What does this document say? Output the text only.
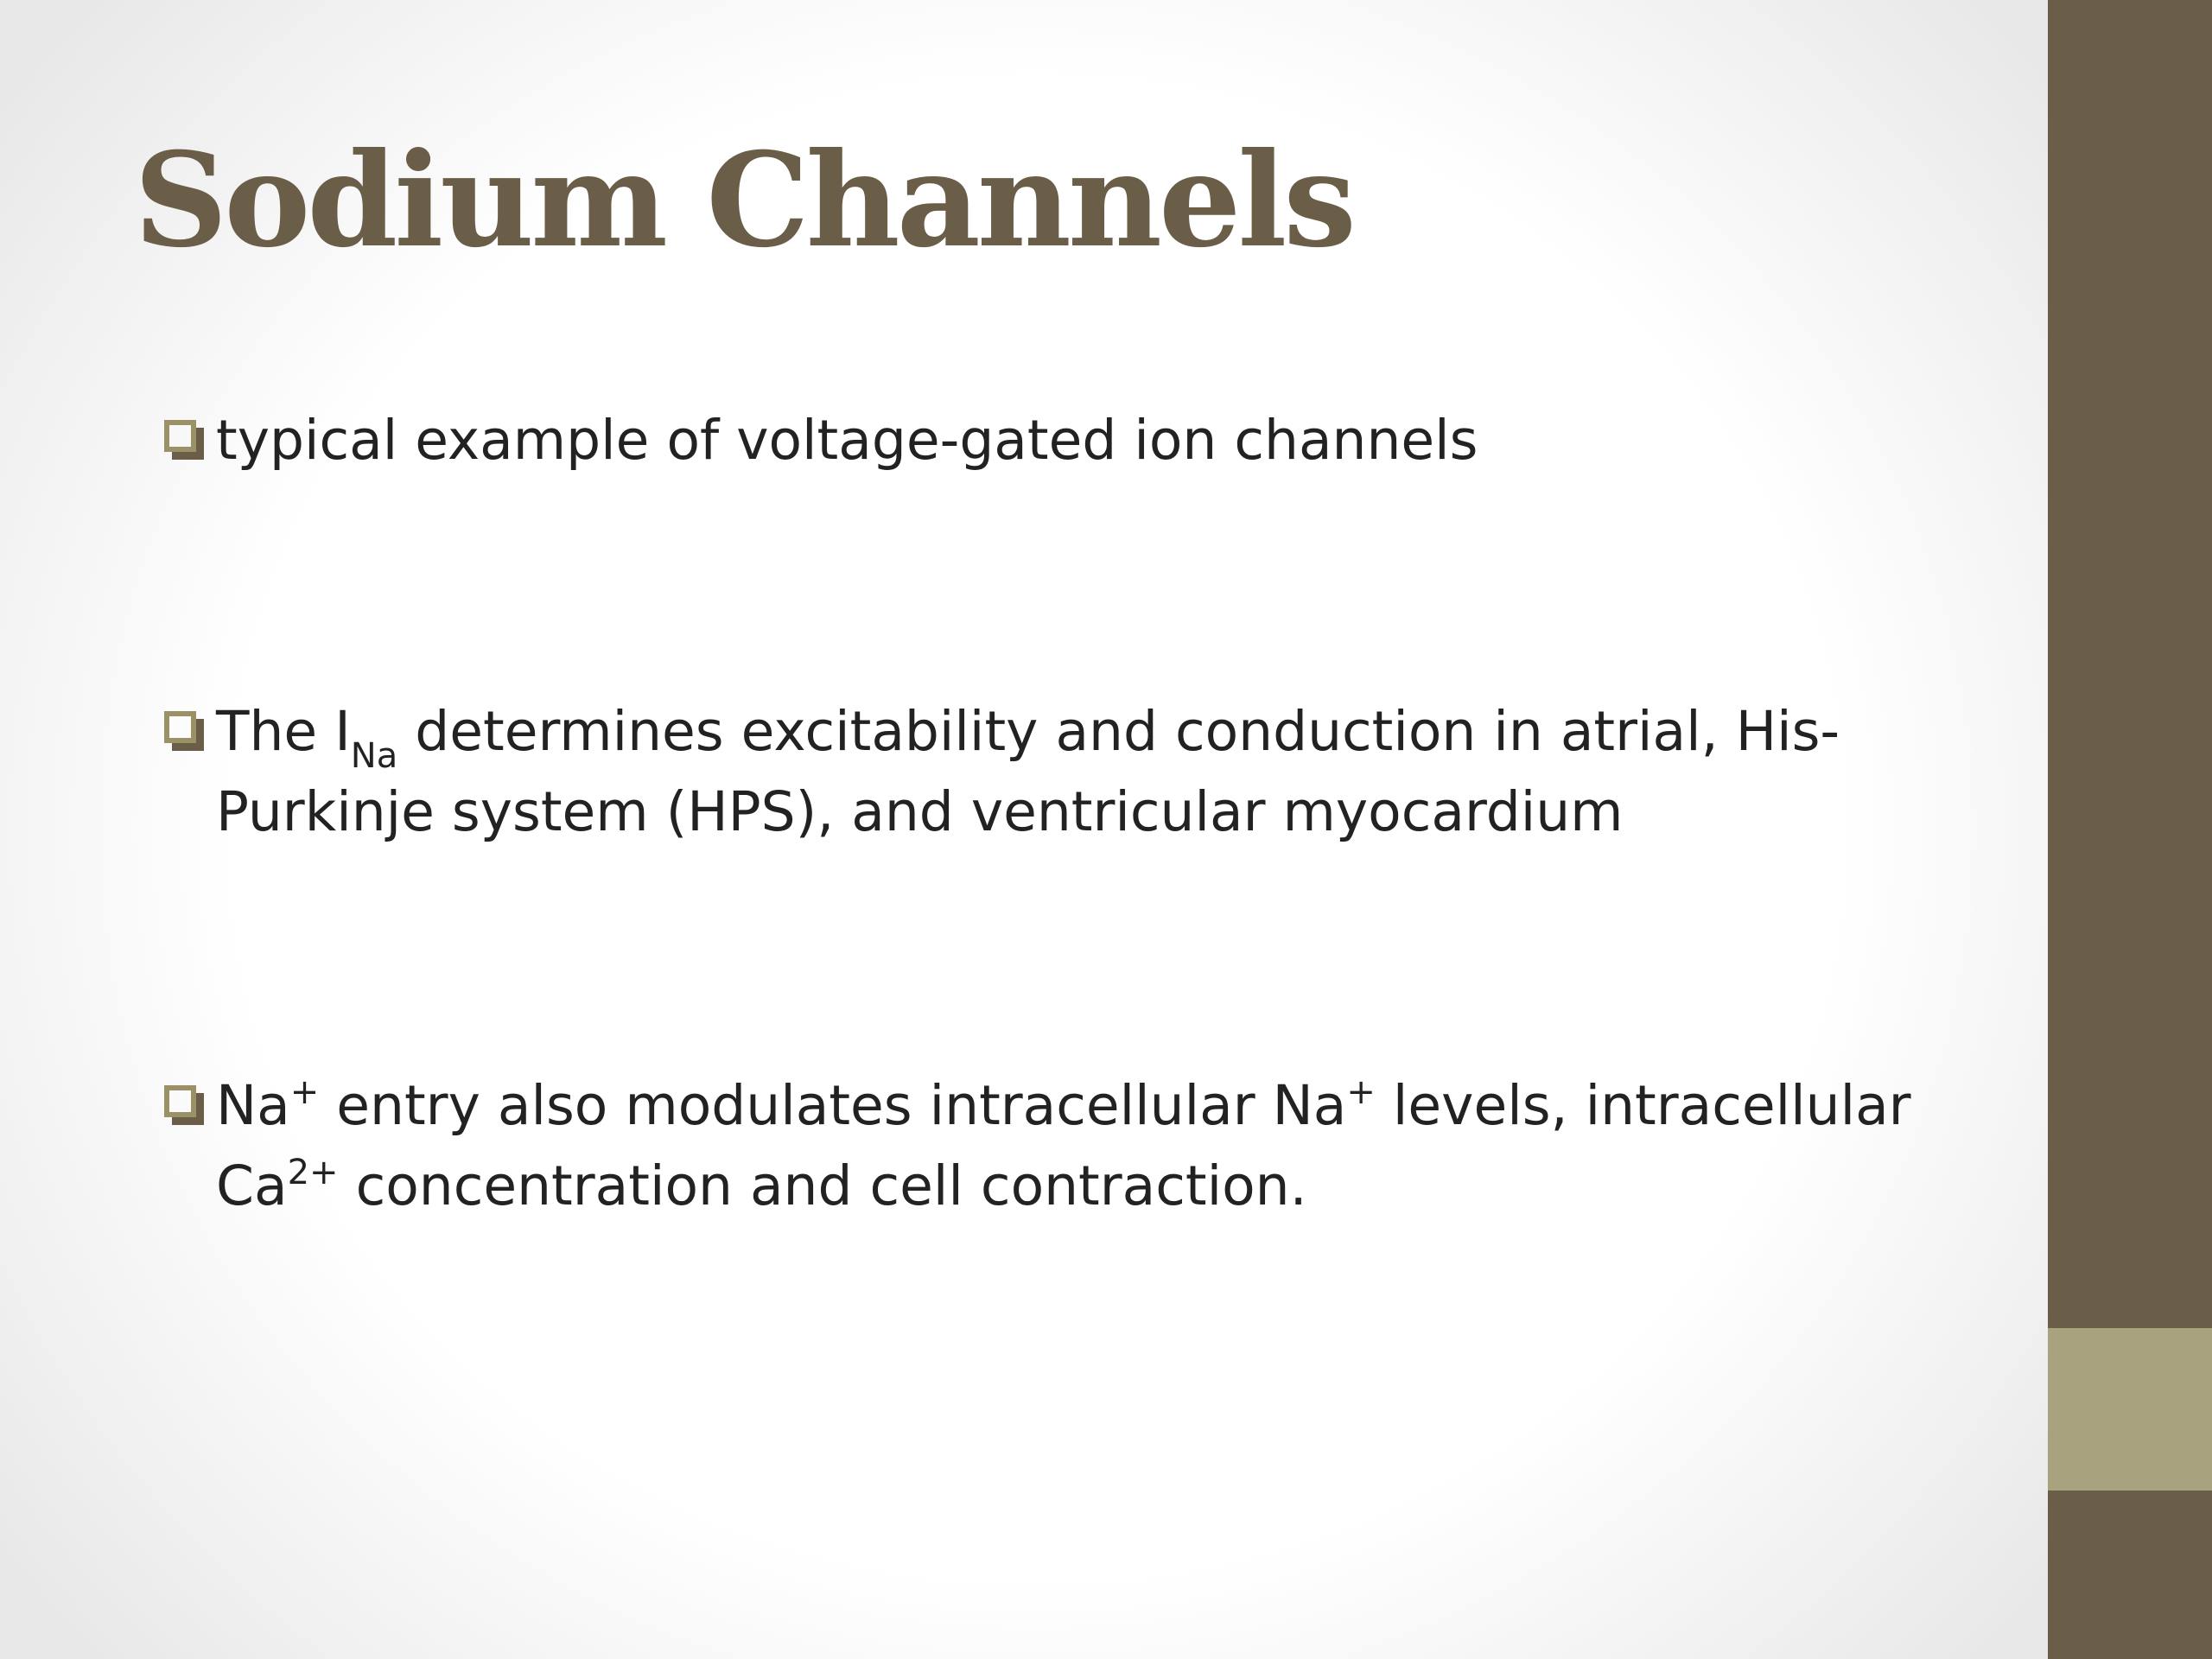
Sodium Channels
typical example of voltage-gated ion channels
The $I_{Na}$ determines excitability and conduction in atrial, His-Purkinje system (HPS), and ventricular myocardium
Na+ entry also modulates intracellular Na+ levels, intracellular $Ca^{2+}$ concentration and cell contraction.
